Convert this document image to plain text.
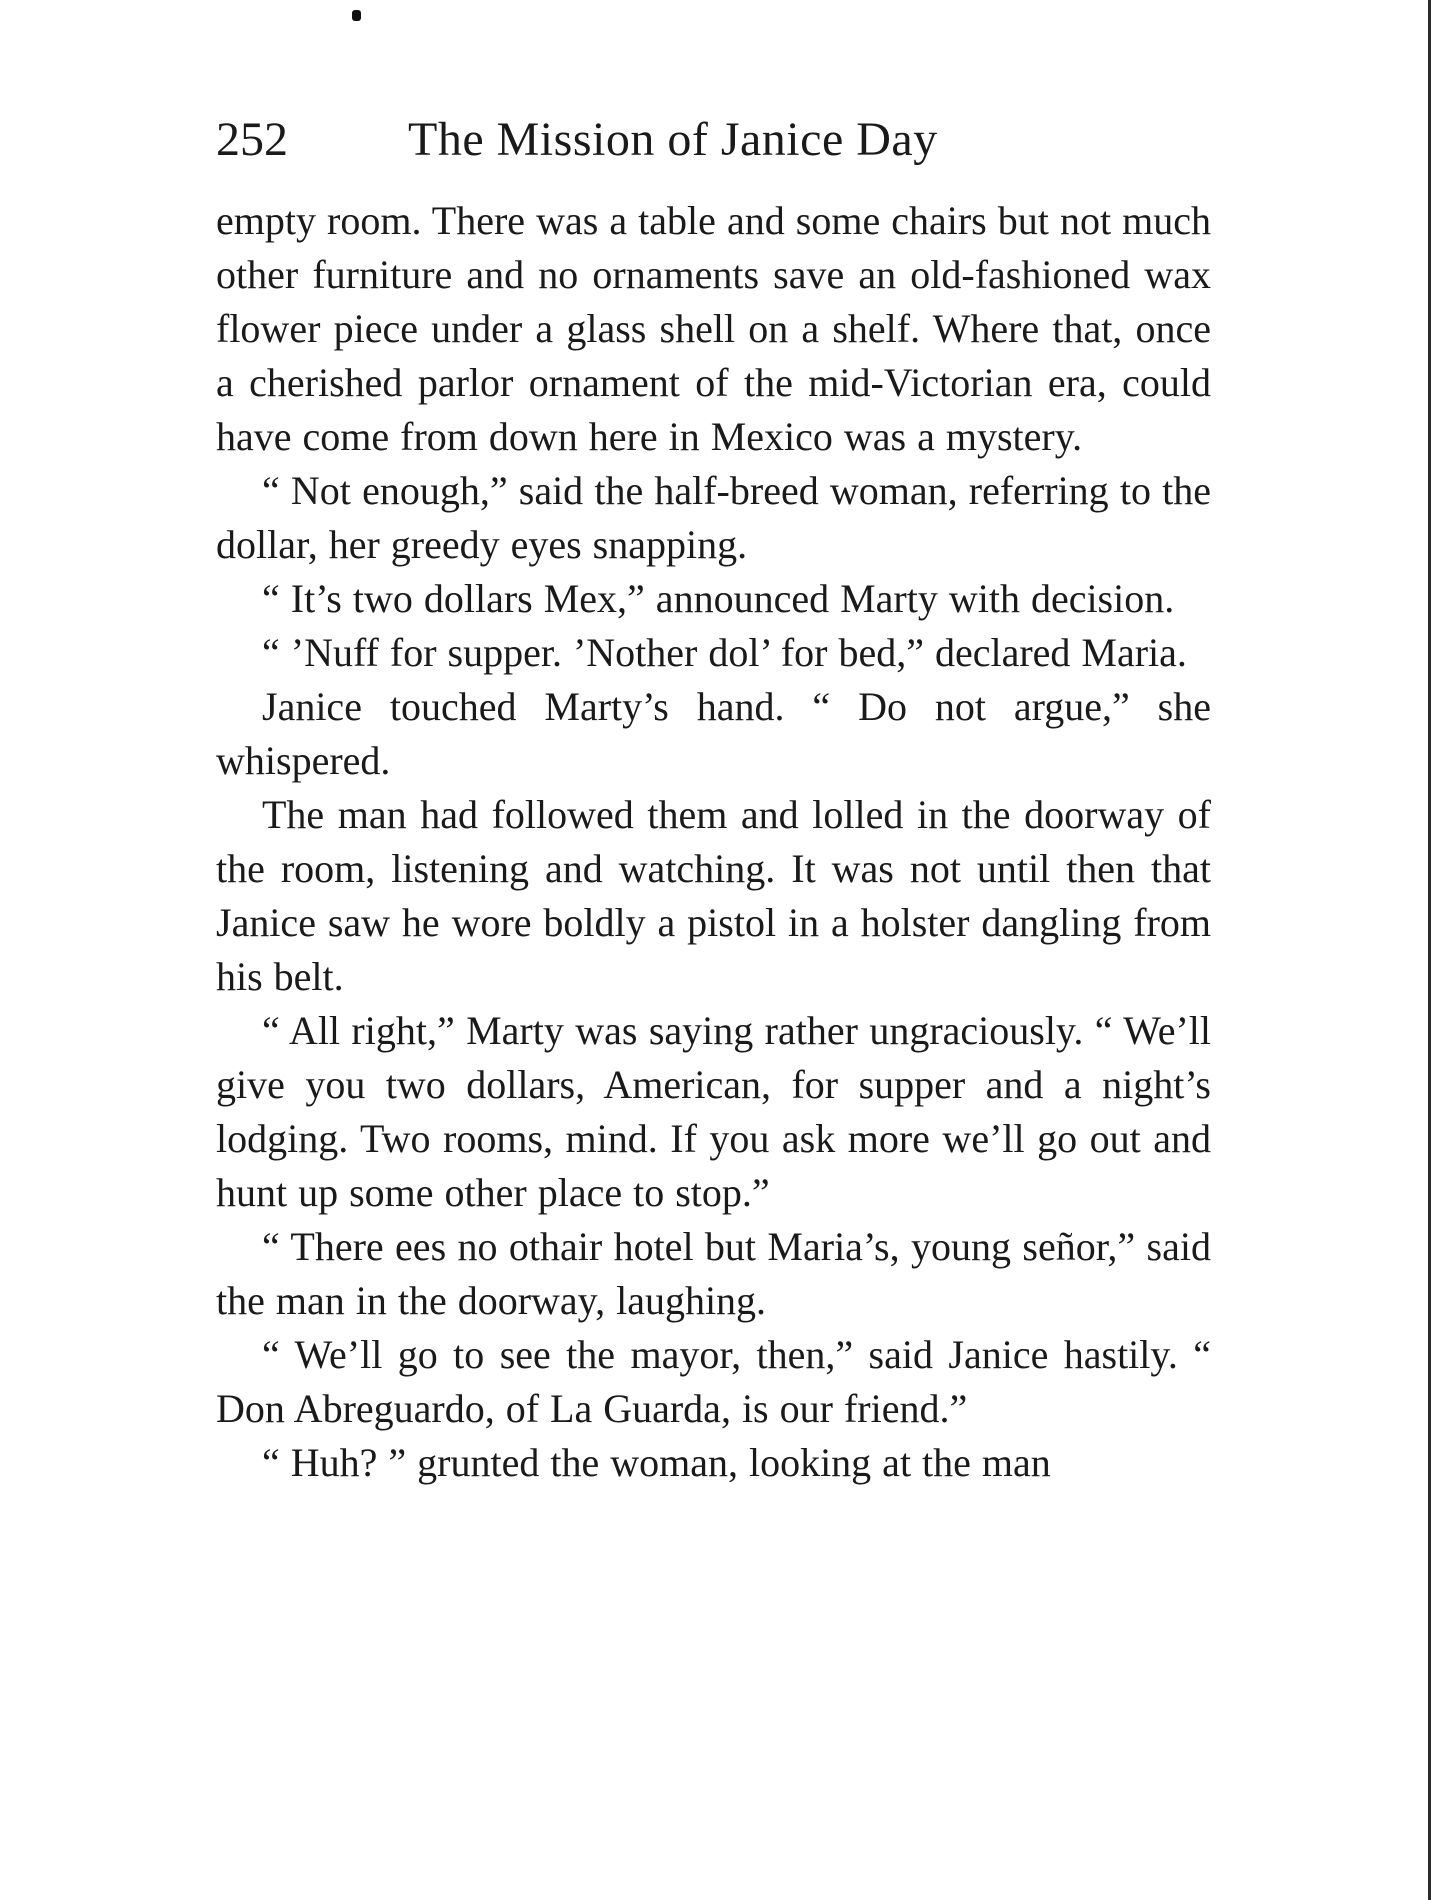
252	The Mission of Janice Day

empty room. There was a table and some chairs but not much other furniture and no ornaments save an old-fashioned wax flower piece under a glass shell on a shelf. Where that, once a cherished parlor ornament of the mid-Victorian era, could have come from down here in Mexico was a mystery.

“ Not enough,” said the half-breed woman, referring to the dollar, her greedy eyes snapping.

“ It’s two dollars Mex,” announced Marty with decision.

“ ’Nuff for supper. ’Nother dol’ for bed,” declared Maria.

Janice touched Marty’s hand. “ Do not argue,” she whispered.

The man had followed them and lolled in the doorway of the room, listening and watching. It was not until then that Janice saw he wore boldly a pistol in a holster dangling from his belt.

“ All right,” Marty was saying rather ungraciously. “ We’ll give you two dollars, American, for supper and a night’s lodging. Two rooms, mind. If you ask more we’ll go out and hunt up some other place to stop.”

“ There ees no othair hotel but Maria’s, young señor,” said the man in the doorway, laughing.

“ We’ll go to see the mayor, then,” said Janice hastily. “ Don Abreguardo, of La Guarda, is our friend.”

“ Huh? ” grunted the woman, looking at the man
